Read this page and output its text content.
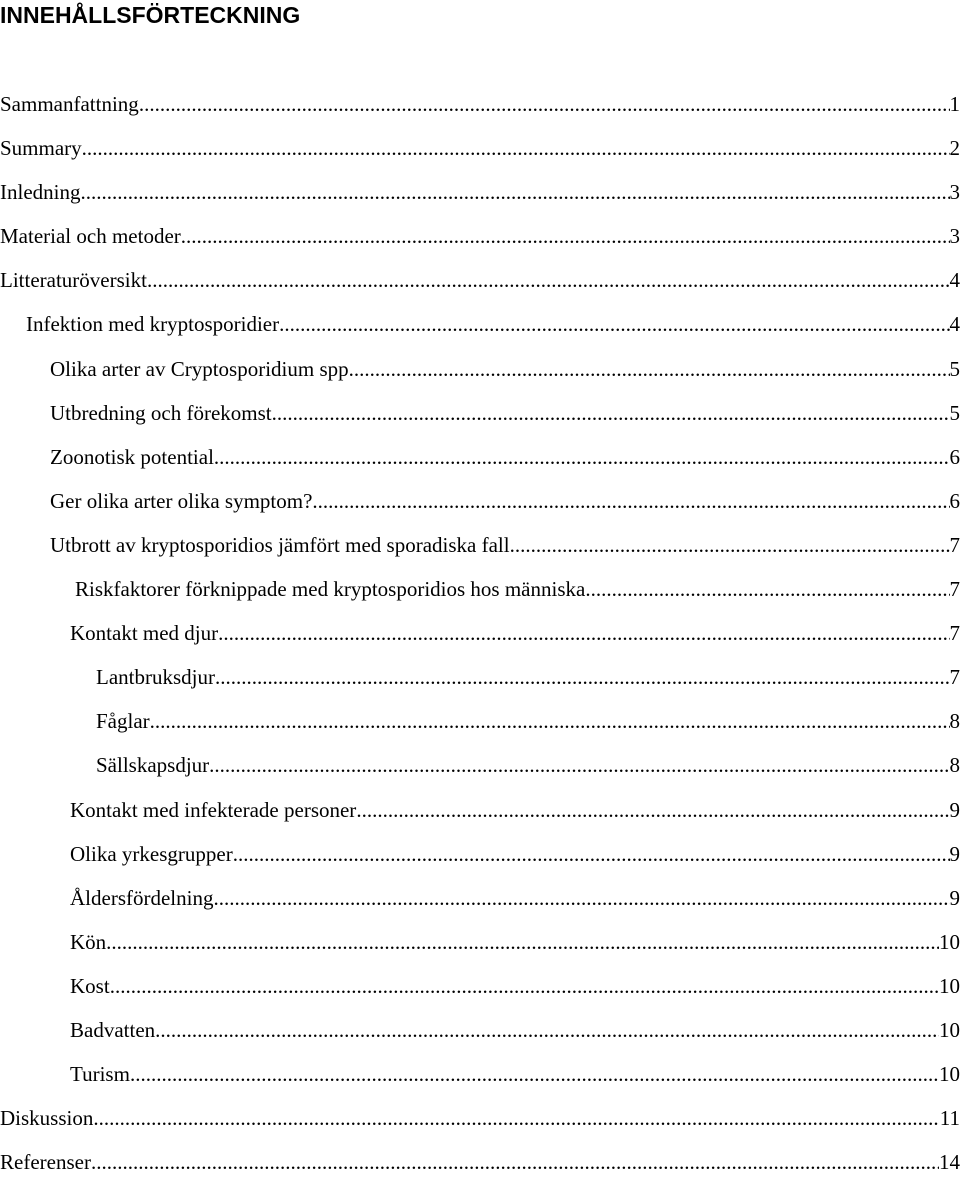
INNEHÅLLSFÖRTECKNING
Sammanfattning .....	1
Summary .....	2
Inledning .....	3
Material och metoder .....	3
Litteraturöversikt .....	4
Infektion med kryptosporidier .....	4
Olika arter av Cryptosporidium spp .....	5
Utbredning och förekomst .....	5
Zoonotisk potential .....	6
Ger olika arter olika symptom? .....	6
Utbrott av kryptosporidios jämfört med sporadiska fall .....	7
Riskfaktorer förknippade med kryptosporidios hos människa .....	7
Kontakt med djur .....	7
Lantbruksdjur .....	7
Fåglar .....	8
Sällskapsdjur .....	8
Kontakt med infekterade personer .....	9
Olika yrkesgrupper .....	9
Åldersfördelning .....	9
Kön .....	10
Kost .....	10
Badvatten .....	10
Turism .....	10
Diskussion .....	11
Referenser .....	14
